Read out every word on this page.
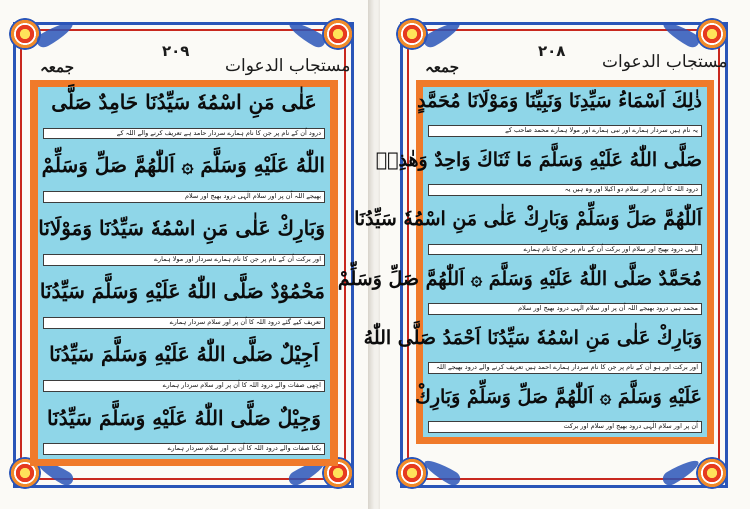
جمعہ
۲۰۹
مستجاب الدعوات
عَلٰى مَنِ اسْمُهٗ سَيِّدُنَا حَامِدٌ صَلَّى
درود اُن کے نام پر جن کا نام ہمارے سردار حامد ہے تعریف کرنے والے اللہ کے
اللّٰهُ عَلَيْهِ وَسَلَّمَ ۞ اَللّٰهُمَّ صَلِّ وَسَلِّمْ
بھیجے اللہ اُن پر اور سلام الٰہی درود بھیج اور سلام
وَبَارِكْ عَلٰى مَنِ اسْمُهٗ سَيِّدُنَا وَمَوْلَانَا
اور برکت اُن کے نام پر جن کا نام ہمارے سردار اور مولا ہمارے
مَحْمُوْدٌ صَلَّى اللّٰهُ عَلَيْهِ وَسَلَّمَ سَيِّدُنَا
تعریف کیے گئے درود اللہ کا اُن پر اور سلام سردار ہمارے
اَجِيْلٌ صَلَّى اللّٰهُ عَلَيْهِ وَسَلَّمَ سَيِّدُنَا
اچھی صفات والے درود اللہ کا اُن پر اور سلام سردار ہمارے
وَجِيْلٌ صَلَّى اللّٰهُ عَلَيْهِ وَسَلَّمَ سَيِّدُنَا
یکتا صفات والے درود اللہ کا اُن پر اور سلام سردار ہمارے
جمعہ
۲۰۸
مستجاب الدعوات
ذٰلِكَ اَسْمَاءُ سَيِّدِنَا وَنَبِيِّنَا وَمَوْلَانَا مُحَمَّدٍ
یہ نام ہیں سردار ہمارے اور نبی ہمارے اور مولا ہمارے محمد صاحب کے
صَلَّى اللّٰهُ عَلَيْهِ وَسَلَّمَ مَا ثَنَاكَ وَاحِدٌ وَهٰذِهٖ
درود اللہ کا اُن پر اور سلام دو اکیلا اور وہ ہیں یہ
اَللّٰهُمَّ صَلِّ وَسَلِّمْ وَبَارِكْ عَلٰى مَنِ اسْمُهٗ سَيِّدُنَا
الٰہی درود بھیج اور سلام اور برکت اُن کے نام پر جن کا نام ہمارے
مُحَمَّدٌ صَلَّى اللّٰهُ عَلَيْهِ وَسَلَّمَ ۞ اَللّٰهُمَّ صَلِّ وَسَلِّمْ
محمد ہیں درود بھیجے اللہ اُن پر اور سلام الٰہی درود بھیج اور سلام
وَبَارِكْ عَلٰى مَنِ اسْمُهٗ سَيِّدُنَا اَحْمَدُ صَلَّى اللّٰهُ
اور برکت اور ہو اُن کے نام پر جن کا نام سردار ہمارے احمد ہیں تعریف کرنے والے درود بھیجے اللہ
عَلَيْهِ وَسَلَّمَ ۞ اَللّٰهُمَّ صَلِّ وَسَلِّمْ وَبَارِكْ
اُن پر اور سلام الٰہی درود بھیج اور سلام اور برکت
